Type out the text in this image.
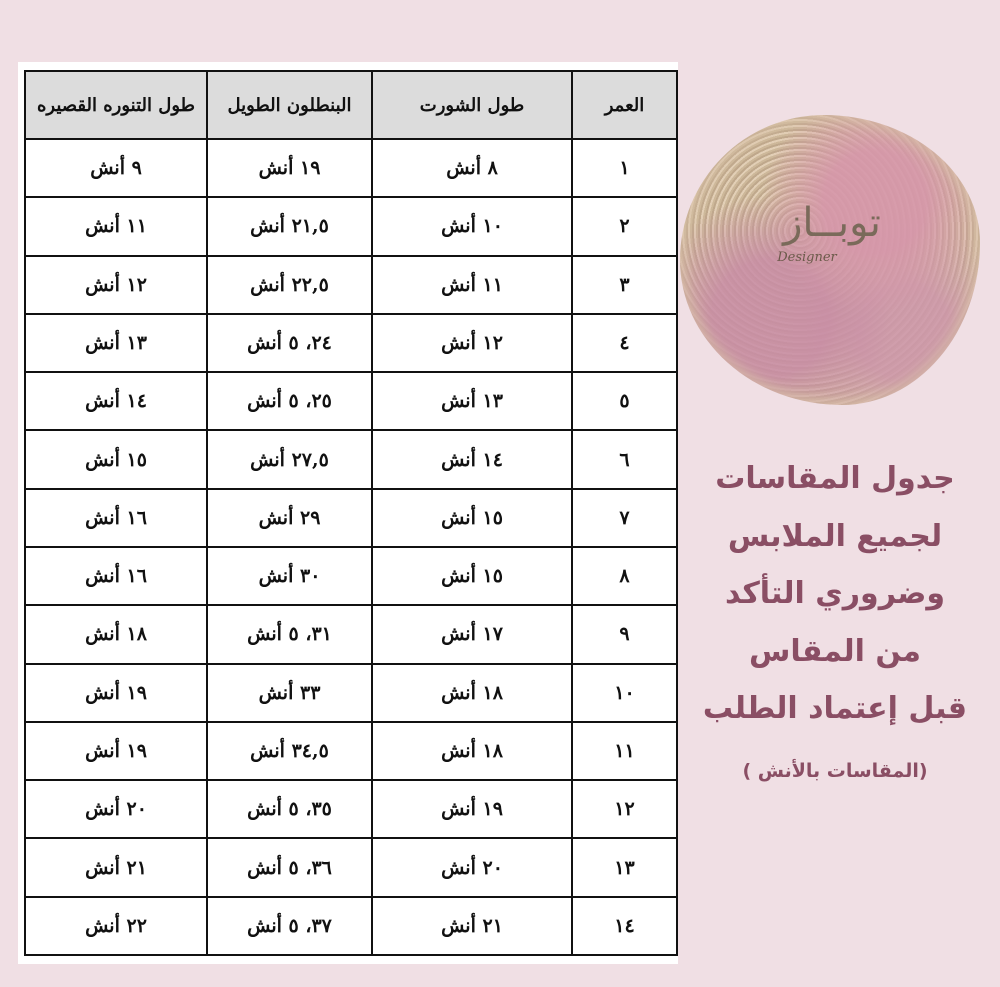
طول التنوره القصيره	البنطلون الطويل	طول الشورت	العمر
٩ أنش	١٩ أنش	٨ أنش	١
١١ أنش	٢١,٥ أنش	١٠ أنش	٢
١٢ أنش	٢٢,٥ أنش	١١ أنش	٣
١٣ أنش	٢٤، ٥ أنش	١٢ أنش	٤
١٤ أنش	٢٥، ٥ أنش	١٣ أنش	٥
١٥ أنش	٢٧,٥ أنش	١٤ أنش	٦
١٦ أنش	٢٩ أنش	١٥ أنش	٧
١٦ أنش	٣٠ أنش	١٥ أنش	٨
١٨ أنش	٣١، ٥ أنش	١٧ أنش	٩
١٩ أنش	٣٣ أنش	١٨ أنش	١٠
١٩ أنش	٣٤,٥ أنش	١٨ أنش	١١
٢٠ أنش	٣٥، ٥ أنش	١٩ أنش	١٢
٢١ أنش	٣٦، ٥ أنش	٢٠ أنش	١٣
٢٢ أنش	٣٧، ٥ أنش	٢١ أنش	١٤
توبــاز
Designer
جدول المقاسات
لجميع الملابس
وضروري التأكد
من المقاس
قبل إعتماد الطلب
(المقاسات بالأنش )
